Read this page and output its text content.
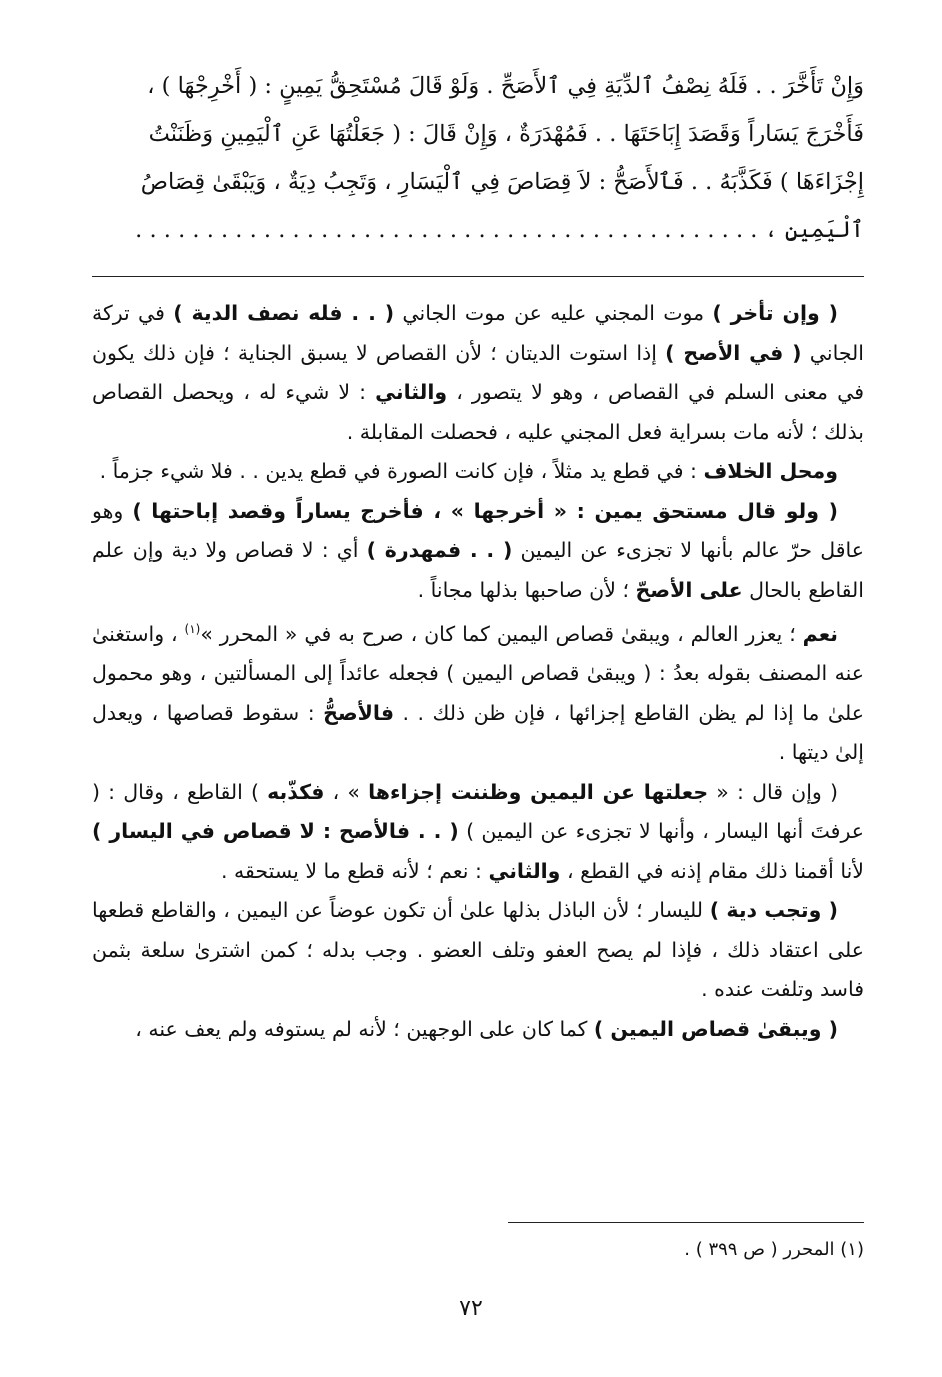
وَإِنْ تَأَخَّرَ . . فَلَهُ نِصْفُ ٱلدِّيَةِ فِي ٱلأَصَحِّ . وَلَوْ قَالَ مُسْتَحِقُّ يَمِينٍ : ( أَخْرِجْهَا ) ،

فَأَخْرَجَ يَسَاراً وَقَصَدَ إِبَاحَتَهَا . . فَمُهْدَرَةٌ ، وَإِنْ قَالَ : ( جَعَلْتُهَا عَنِ ٱلْيَمِينِ وَظَنَنْتُ

إِجْزَاءَهَا ) فَكَذَّبَهُ . . فَٱلأَصَحُّ : لاَ قِصَاصَ فِي ٱلْيَسَارِ ، وَتَجِبُ دِيَةٌ ، وَيَبْقَىٰ قِصَاصُ

ٱلْيَمِينِ ، . . . . . . . . . . . . . . . . . . . . . . . . . . . . . . . . . . . . . . . . . . . .

( وإن تأخر ) موت المجني عليه عن موت الجاني ( . . فله نصف الدية ) في تركة الجاني ( في الأصح ) إذا استوت الديتان ؛ لأن القصاص لا يسبق الجناية ؛ فإن ذلك يكون في معنى السلم في القصاص ، وهو لا يتصور ، والثاني : لا شيء له ، ويحصل القصاص بذلك ؛ لأنه مات بسراية فعل المجني عليه ، فحصلت المقابلة .

ومحل الخلاف : في قطع يد مثلاً ، فإن كانت الصورة في قطع يدين . . فلا شيء جزماً .

( ولو قال مستحق يمين : « أخرجها » ، فأخرج يساراً وقصد إباحتها ) وهو عاقل حرّ عالم بأنها لا تجزىء عن اليمين ( . . فمهدرة ) أي : لا قصاص ولا دية وإن علم القاطع بالحال على الأصحّ ؛ لأن صاحبها بذلها مجاناً .

نعم ؛ يعزر العالم ، ويبقىٰ قصاص اليمين كما كان ، صرح به في « المحرر »$^{(١)}$ ، واستغنىٰ عنه المصنف بقوله بعدُ : ( ويبقىٰ قصاص اليمين ) فجعله عائداً إلى المسألتين ، وهو محمول علىٰ ما إذا لم يظن القاطع إجزائها ، فإن ظن ذلك . . فالأصحُّ : سقوط قصاصها ، ويعدل إلىٰ ديتها .

( وإن قال : « جعلتها عن اليمين وظننت إجزاءها » ، فكذّبه ) القاطع ، وقال : ( عرفتَ أنها اليسار ، وأنها لا تجزىء عن اليمين ) ( . . فالأصح : لا قصاص في اليسار ) لأنا أقمنا ذلك مقام إذنه في القطع ، والثاني : نعم ؛ لأنه قطع ما لا يستحقه .

( وتجب دية ) لليسار ؛ لأن الباذل بذلها علىٰ أن تكون عوضاً عن اليمين ، والقاطع قطعها على اعتقاد ذلك ، فإذا لم يصح العفو وتلف العضو . وجب بدله ؛ كمن اشترىٰ سلعة بثمن فاسد وتلفت عنده .

( ويبقىٰ قصاص اليمين ) كما كان على الوجهين ؛ لأنه لم يستوفه ولم يعف عنه ،

(١) المحرر ( ص ٣٩٩ ) .
٧٢
